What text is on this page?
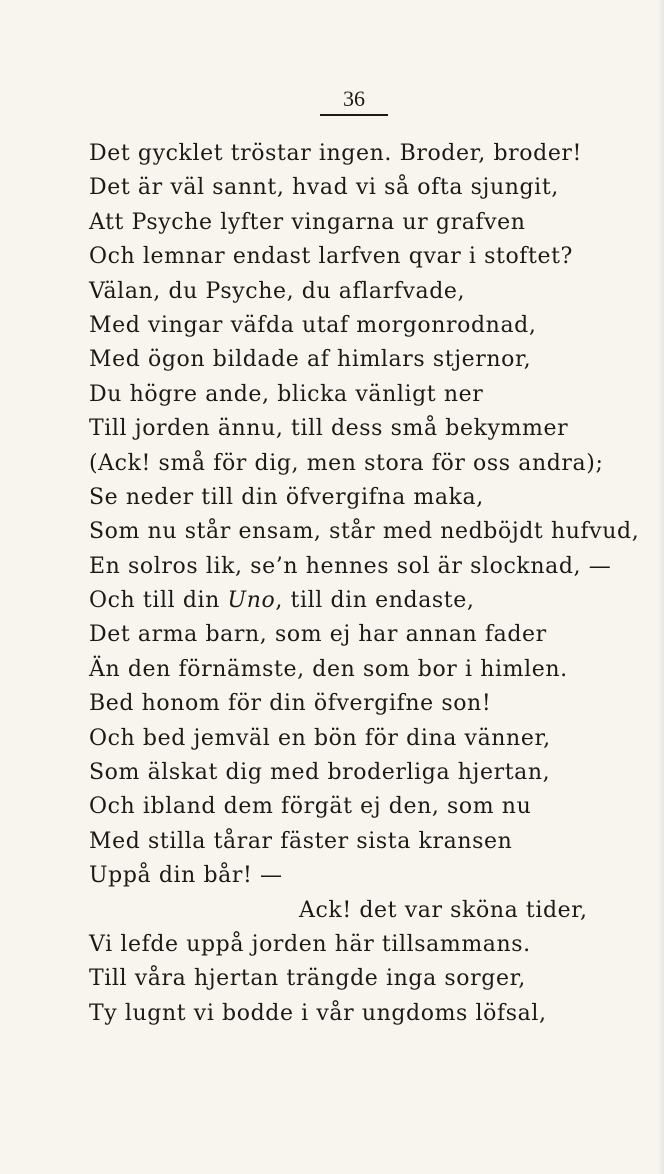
36
Det gycklet tröstar ingen. Broder, broder!
Det är väl sannt, hvad vi så ofta sjungit,
Att Psyche lyfter vingarna ur grafven
Och lemnar endast larfven qvar i stoftet?
Välan, du Psyche, du aflarfvade,
Med vingar väfda utaf morgonrodnad,
Med ögon bildade af himlars stjernor,
Du högre ande, blicka vänligt ner
Till jorden ännu, till dess små bekymmer
(Ack! små för dig, men stora för oss andra);
Se neder till din öfvergifna maka,
Som nu står ensam, står med nedböjdt hufvud,
En solros lik, se’n hennes sol är slocknad, —
Och till din Uno, till din endaste,
Det arma barn, som ej har annan fader
Än den förnämste, den som bor i himlen.
Bed honom för din öfvergifne son!
Och bed jemväl en bön för dina vänner,
Som älskat dig med broderliga hjertan,
Och ibland dem förgät ej den, som nu
Med stilla tårar fäster sista kransen
Uppå din bår! —
Ack! det var sköna tider,
Vi lefde uppå jorden här tillsammans.
Till våra hjertan trängde inga sorger,
Ty lugnt vi bodde i vår ungdoms löfsal,
